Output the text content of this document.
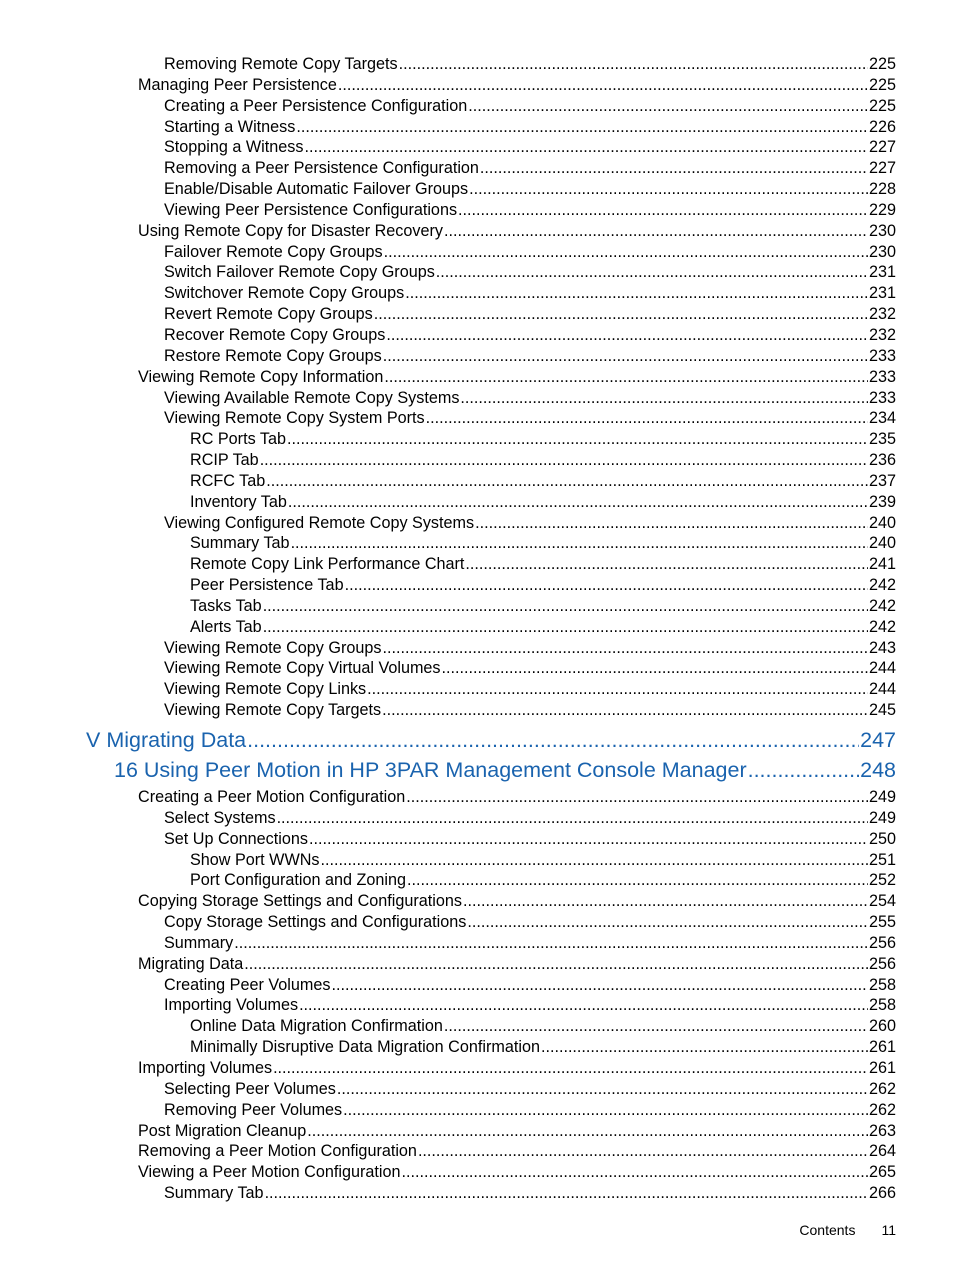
Removing Remote Copy Targets .....	225
Managing Peer Persistence .....	225
Creating a Peer Persistence Configuration .....	225
Starting a Witness .....	226
Stopping a Witness .....	227
Removing a Peer Persistence Configuration .....	227
Enable/Disable Automatic Failover Groups .....	228
Viewing Peer Persistence Configurations .....	229
Using Remote Copy for Disaster Recovery .....	230
Failover Remote Copy Groups .....	230
Switch Failover Remote Copy Groups .....	231
Switchover Remote Copy Groups .....	231
Revert Remote Copy Groups .....	232
Recover Remote Copy Groups .....	232
Restore Remote Copy Groups .....	233
Viewing Remote Copy Information .....	233
Viewing Available Remote Copy Systems .....	233
Viewing Remote Copy System Ports .....	234
RC Ports Tab .....	235
RCIP Tab .....	236
RCFC Tab .....	237
Inventory Tab .....	239
Viewing Configured Remote Copy Systems .....	240
Summary Tab .....	240
Remote Copy Link Performance Chart .....	241
Peer Persistence Tab .....	242
Tasks Tab .....	242
Alerts Tab .....	242
Viewing Remote Copy Groups .....	243
Viewing Remote Copy Virtual Volumes .....	244
Viewing Remote Copy Links .....	244
Viewing Remote Copy Targets .....	245
V Migrating Data .....	247
16 Using Peer Motion in HP 3PAR Management Console Manager .....	248
Creating a Peer Motion Configuration .....	249
Select Systems .....	249
Set Up Connections .....	250
Show Port WWNs .....	251
Port Configuration and Zoning .....	252
Copying Storage Settings and Configurations .....	254
Copy Storage Settings and Configurations .....	255
Summary .....	256
Migrating Data .....	256
Creating Peer Volumes .....	258
Importing Volumes .....	258
Online Data Migration Confirmation .....	260
Minimally Disruptive Data Migration Confirmation .....	261
Importing Volumes .....	261
Selecting Peer Volumes .....	262
Removing Peer Volumes .....	262
Post Migration Cleanup .....	263
Removing a Peer Motion Configuration .....	264
Viewing a Peer Motion Configuration .....	265
Summary Tab .....	266
Contents 11
